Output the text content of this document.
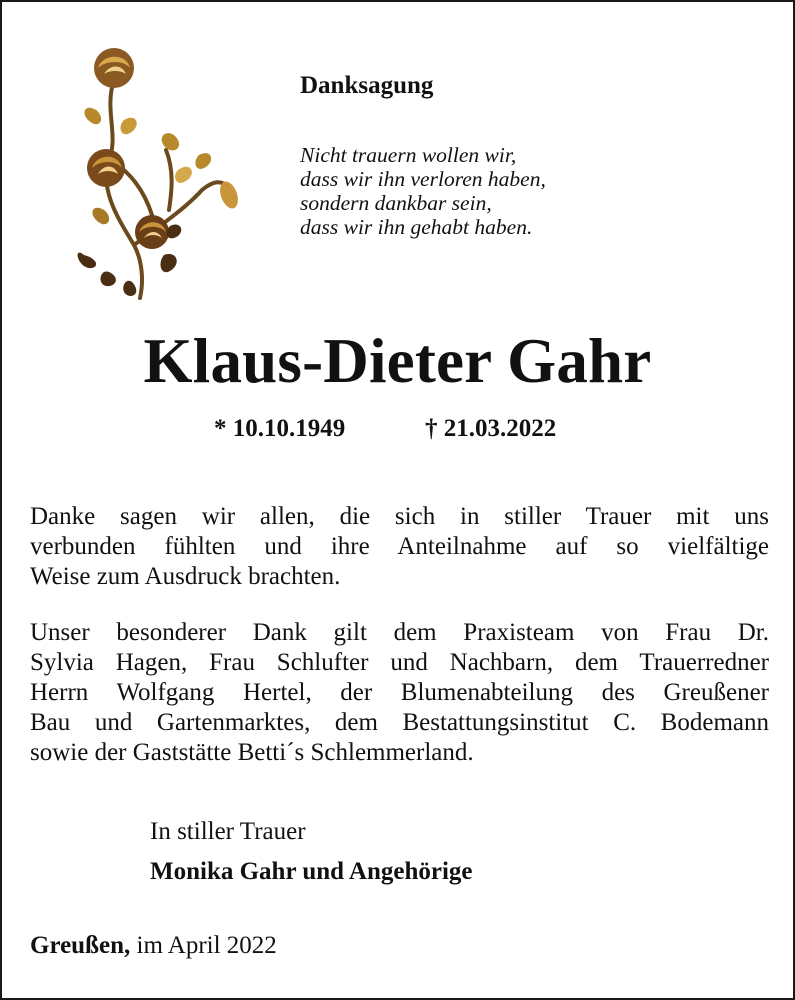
Danksagung
Nicht trauern wollen wir,
dass wir ihn verloren haben,
sondern dankbar sein,
dass wir ihn gehabt haben.
Klaus-Dieter Gahr
* 10.10.1949	† 21.03.2022
Danke sagen wir allen, die sich in stiller Trauer mit uns
verbunden fühlten und ihre Anteilnahme auf so vielfältige
Weise zum Ausdruck brachten.
Unser besonderer Dank gilt dem Praxisteam von Frau Dr.
Sylvia Hagen, Frau Schlufter und Nachbarn, dem Trauerredner
Herrn Wolfgang Hertel, der Blumenabteilung des Greußener
Bau und Gartenmarktes, dem Bestattungsinstitut C. Bodemann
sowie der Gaststätte Betti´s Schlemmerland.
In stiller Trauer
Monika Gahr und Angehörige
Greußen, im April 2022
